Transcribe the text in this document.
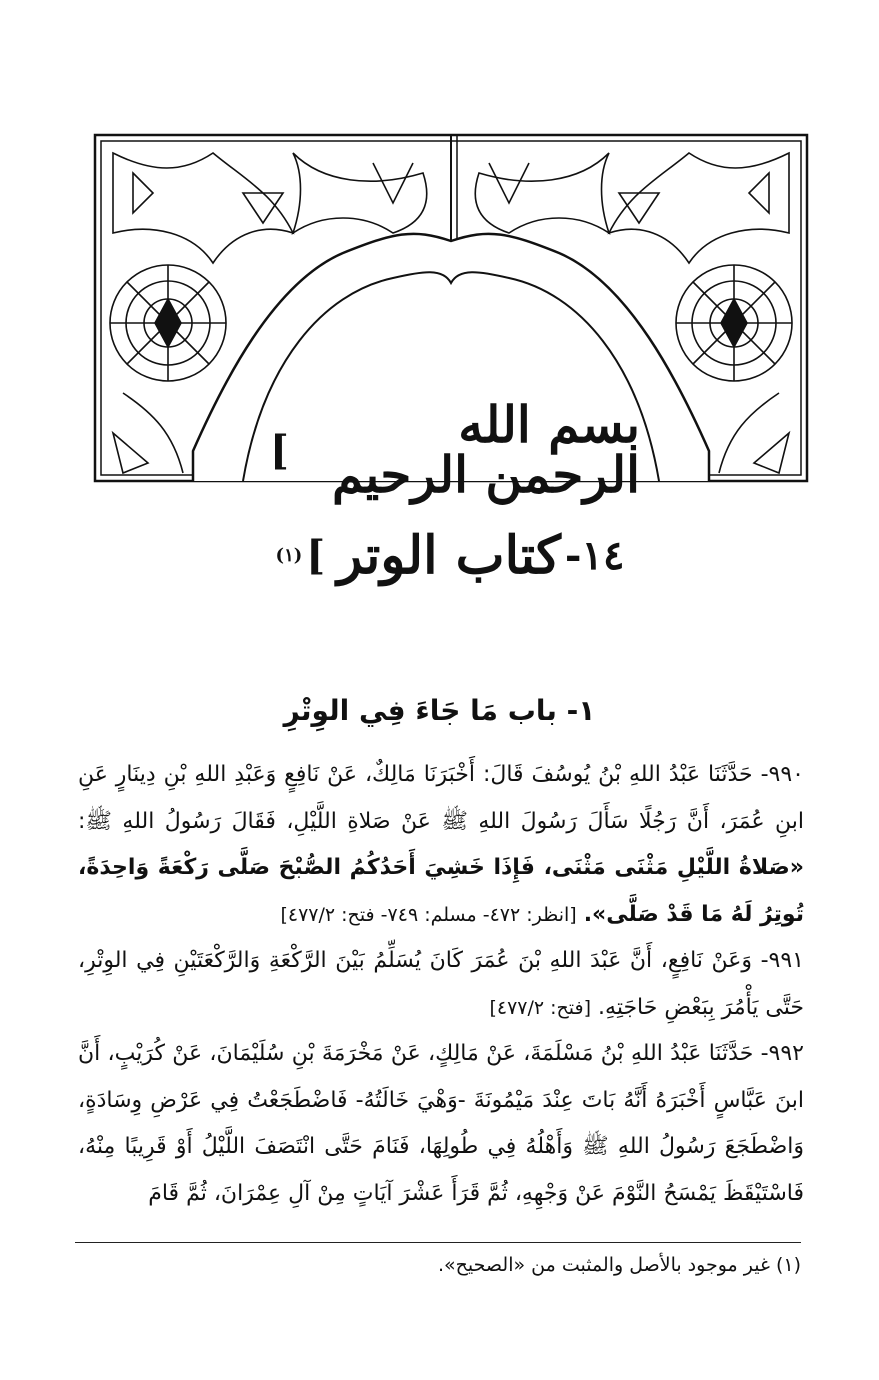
[	بسم الله الرحمن الرحيم
١٤-
كتاب الوتر
]
(١)
١- باب مَا جَاءَ فِي الوِتْرِ

٩٩٠- حَدَّثَنَا عَبْدُ اللهِ بْنُ يُوسُفَ قَالَ: أَخْبَرَنَا مَالِكٌ، عَنْ نَافِعٍ وَعَبْدِ اللهِ بْنِ دِينَارٍ عَنِ ابنِ عُمَرَ، أَنَّ رَجُلًا سَأَلَ رَسُولَ اللهِ ﷺ عَنْ صَلاةِ اللَّيْلِ، فَقَالَ رَسُولُ اللهِ ﷺ: «صَلاةُ اللَّيْلِ مَثْنَى مَثْنَى، فَإِذَا خَشِيَ أَحَدُكُمُ الصُّبْحَ صَلَّى رَكْعَةً وَاحِدَةً، تُوتِرُ لَهُ مَا قَدْ صَلَّى». [انظر: ٤٧٢- مسلم: ٧٤٩- فتح: ٤٧٧/٢]

٩٩١- وَعَنْ نَافِعٍ، أَنَّ عَبْدَ اللهِ بْنَ عُمَرَ كَانَ يُسَلِّمُ بَيْنَ الرَّكْعَةِ وَالرَّكْعَتَيْنِ فِي الوِتْرِ، حَتَّى يَأْمُرَ بِبَعْضِ حَاجَتِهِ. [فتح: ٤٧٧/٢]

٩٩٢- حَدَّثَنَا عَبْدُ اللهِ بْنُ مَسْلَمَةَ، عَنْ مَالِكٍ، عَنْ مَخْرَمَةَ بْنِ سُلَيْمَانَ، عَنْ كُرَيْبٍ، أَنَّ ابنَ عَبَّاسٍ أَخْبَرَهُ أَنَّهُ بَاتَ عِنْدَ مَيْمُونَةَ -وَهْيَ خَالَتُهُ- فَاضْطَجَعْتُ فِي عَرْضِ وِسَادَةٍ، وَاضْطَجَعَ رَسُولُ اللهِ ﷺ وَأَهْلُهُ فِي طُولِهَا، فَنَامَ حَتَّى انْتَصَفَ اللَّيْلُ أَوْ قَرِيبًا مِنْهُ، فَاسْتَيْقَظَ يَمْسَحُ النَّوْمَ عَنْ وَجْهِهِ، ثُمَّ قَرَأَ عَشْرَ آيَاتٍ مِنْ آلِ عِمْرَانَ، ثُمَّ قَامَ

(١) غير موجود بالأصل والمثبت من «الصحيح».
